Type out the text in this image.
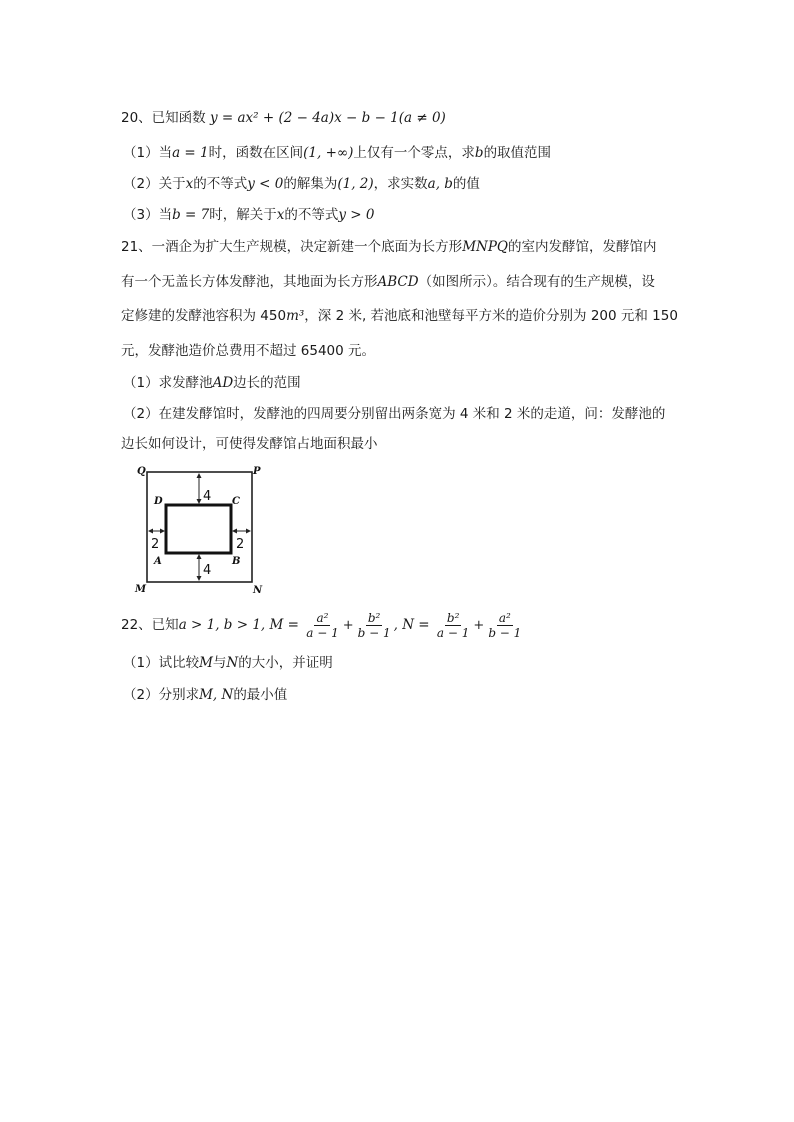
20、已知函数 y = ax² + (2 − 4a)x − b − 1(a ≠ 0)
（1）当a = 1时，函数在区间(1, +∞)上仅有一个零点，求b的取值范围
（2）关于x的不等式y < 0的解集为(1, 2)，求实数a, b的值
（3）当b = 7时，解关于x的不等式y > 0
21、一酒企为扩大生产规模，决定新建一个底面为长方形MNPQ的室内发酵馆，发酵馆内
有一个无盖长方体发酵池，其地面为长方形ABCD（如图所示）。结合现有的生产规模，设
定修建的发酵池容积为 450m³，深 2 米, 若池底和池壁每平方米的造价分别为 200 元和 150
元，发酵池造价总费用不超过 65400 元。
（1）求发酵池AD边长的范围
（2）在建发酵馆时，发酵池的四周要分别留出两条宽为 4 米和 2 米的走道，问：发酵池的
边长如何设计，可使得发酵馆占地面积最小
4
4
2	2
Q	P
M	N
D	C
A	B
22、已知a > 1, b > 1, $M = \frac{\text{a²}}{a - 1} + \frac{\text{b²}}{b - 1}$ , $N = \frac{\text{b²}}{a - 1} + \frac{\text{a²}}{b - 1}$
（1）试比较M与N的大小，并证明
（2）分别求M, N的最小值
